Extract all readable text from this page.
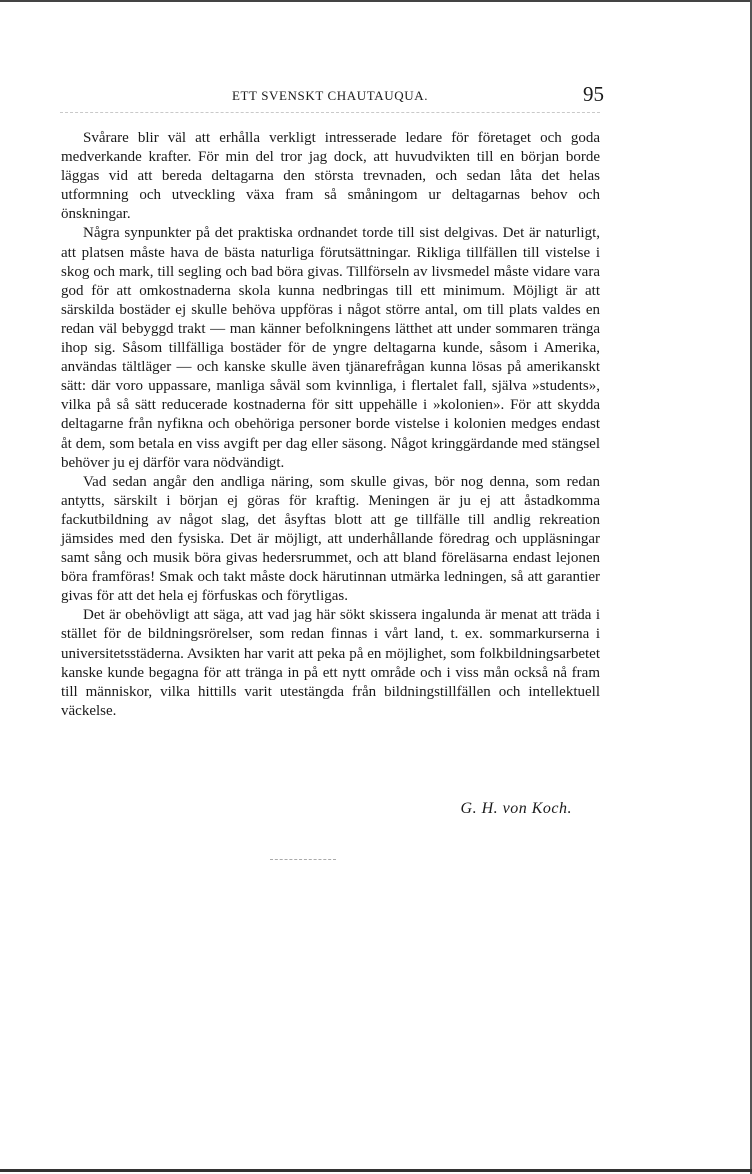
ETT SVENSKT CHAUTAUQUA.	95

Svårare blir väl att erhålla verkligt intresserade ledare för företaget och goda medverkande krafter. För min del tror jag dock, att huvudvikten till en början borde läggas vid att bereda deltagarna den största trevnaden, och sedan låta det helas utformning och utveckling växa fram så småningom ur deltagarnas behov och önskningar.

Några synpunkter på det praktiska ordnandet torde till sist delgivas. Det är naturligt, att platsen måste hava de bästa naturliga förutsättningar. Rikliga tillfällen till vistelse i skog och mark, till segling och bad böra givas. Tillförseln av livsmedel måste vidare vara god för att omkostnaderna skola kunna nedbringas till ett minimum. Möjligt är att särskilda bostäder ej skulle behöva uppföras i något större antal, om till plats valdes en redan väl bebyggd trakt — man känner befolkningens lätthet att under sommaren tränga ihop sig. Såsom tillfälliga bostäder för de yngre deltagarna kunde, såsom i Amerika, användas tältläger — och kanske skulle även tjänarefrågan kunna lösas på amerikanskt sätt: där voro uppassare, manliga såväl som kvinnliga, i flertalet fall, själva »students», vilka på så sätt reducerade kostnaderna för sitt uppehälle i »kolonien». För att skydda deltagarne från nyfikna och obehöriga personer borde vistelse i kolonien medges endast åt dem, som betala en viss avgift per dag eller säsong. Något kringgärdande med stängsel behöver ju ej därför vara nödvändigt.

Vad sedan angår den andliga näring, som skulle givas, bör nog denna, som redan antytts, särskilt i början ej göras för kraftig. Meningen är ju ej att åstadkomma fackutbildning av något slag, det åsyftas blott att ge tillfälle till andlig rekreation jämsides med den fysiska. Det är möjligt, att underhållande föredrag och uppläsningar samt sång och musik böra givas hedersrummet, och att bland föreläsarna endast lejonen böra framföras! Smak och takt måste dock härutinnan utmärka ledningen, så att garantier givas för att det hela ej förfuskas och förytligas.

Det är obehövligt att säga, att vad jag här sökt skissera ingalunda är menat att träda i stället för de bildningsrörelser, som redan finnas i vårt land, t. ex. sommarkurserna i universitetsstäderna. Avsikten har varit att peka på en möjlighet, som folkbildningsarbetet kanske kunde begagna för att tränga in på ett nytt område och i viss mån också nå fram till människor, vilka hittills varit utestängda från bildningstillfällen och intellektuell väckelse.

G. H. von Koch.
